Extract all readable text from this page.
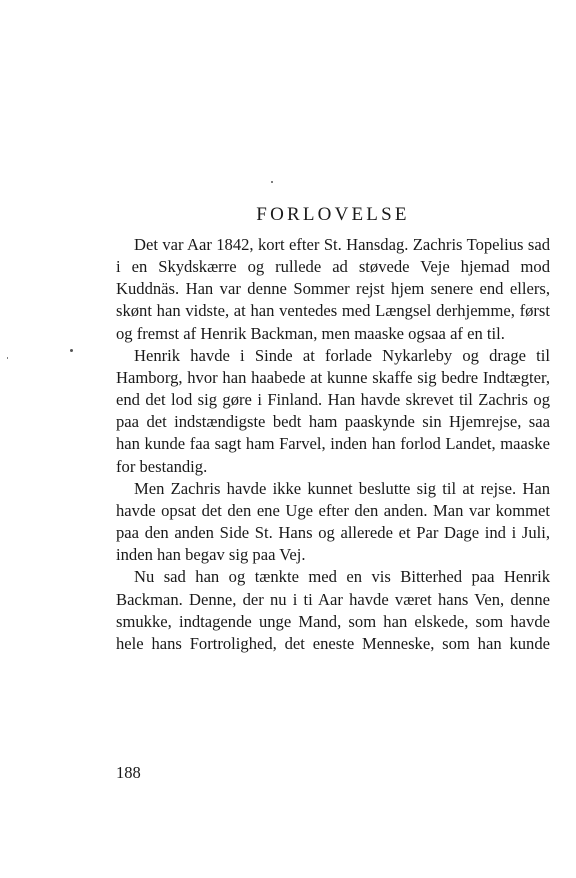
FORLOVELSE

Det var Aar 1842, kort efter St. Hansdag. Zachris Topelius sad i en Skydskærre og rullede ad støvede Veje hjemad mod Kuddnäs. Han var denne Sommer rejst hjem senere end ellers, skønt han vidste, at han ventedes med Længsel derhjemme, først og fremst af Henrik Backman, men maaske ogsaa af en til.

Henrik havde i Sinde at forlade Nykarleby og drage til Hamborg, hvor han haabede at kunne skaffe sig bedre Indtægter, end det lod sig gøre i Finland. Han havde skrevet til Zachris og paa det indstændigste bedt ham paaskynde sin Hjemrejse, saa han kunde faa sagt ham Farvel, inden han forlod Landet, maaske for bestandig.

Men Zachris havde ikke kunnet beslutte sig til at rejse. Han havde opsat det den ene Uge efter den anden. Man var kommet paa den anden Side St. Hans og allerede et Par Dage ind i Juli, inden han begav sig paa Vej.

Nu sad han og tænkte med en vis Bitterhed paa Henrik Backman. Denne, der nu i ti Aar havde været hans Ven, denne smukke, indtagende unge Mand, som han elskede, som havde hele hans Fortrolighed, det eneste Menneske, som han kunde

188
